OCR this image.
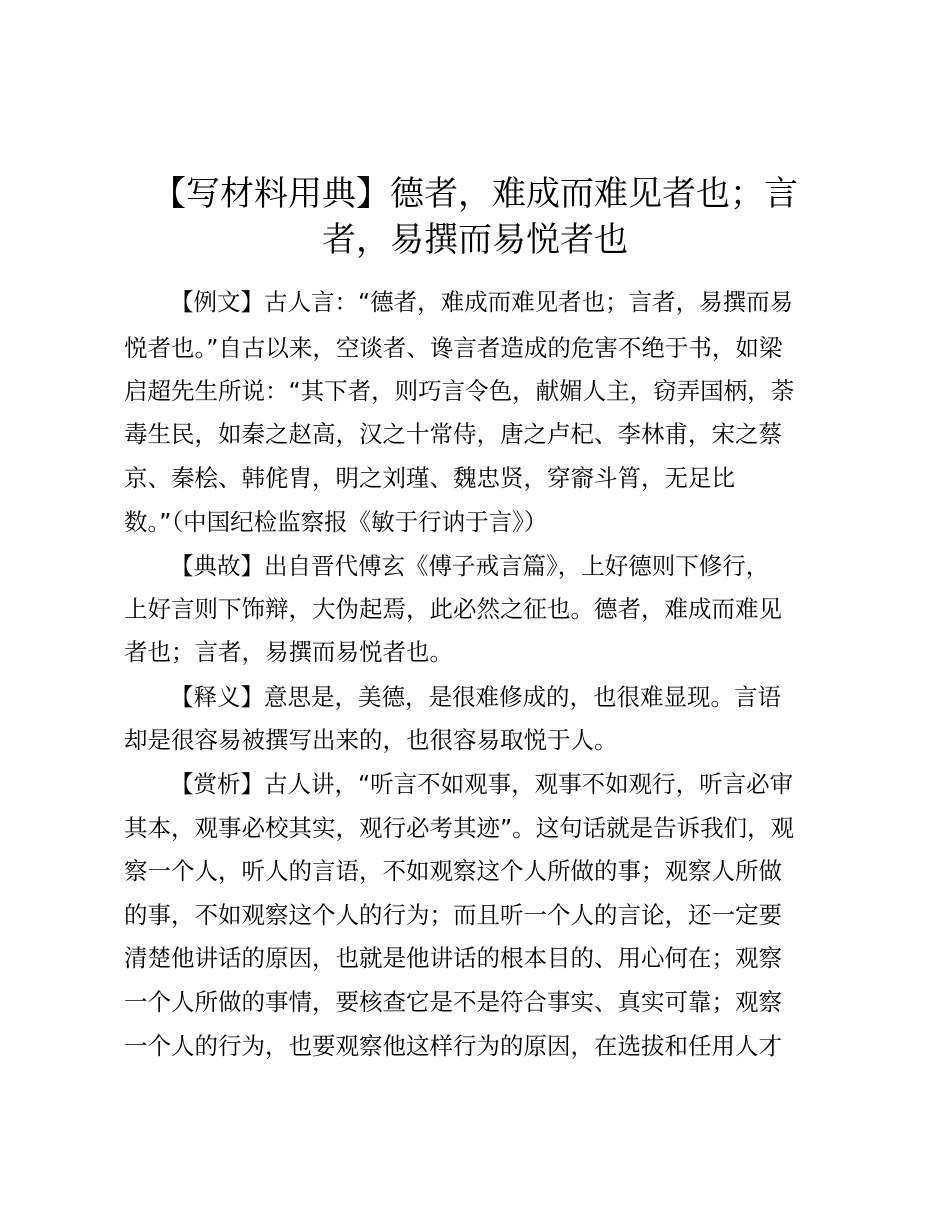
【写材料用典】德者，难成而难见者也；言
者，易撰而易悦者也
【例文】古人言：“德者，难成而难见者也；言者，易撰而易
悦者也。”自古以来，空谈者、谗言者造成的危害不绝于书，如梁
启超先生所说：“其下者，则巧言令色，献媚人主，窃弄国柄，荼
毒生民，如秦之赵高，汉之十常侍，唐之卢杞、李林甫，宋之蔡
京、秦桧、韩侂胄，明之刘瑾、魏忠贤，穿窬斗筲，无足比
数。”（中国纪检监察报《敏于行讷于言》）
【典故】出自晋代傅玄《傅子戒言篇》，上好德则下修行，
上好言则下饰辩，大伪起焉，此必然之征也。德者，难成而难见
者也；言者，易撰而易悦者也。
【释义】意思是，美德，是很难修成的，也很难显现。言语
却是很容易被撰写出来的，也很容易取悦于人。
【赏析】古人讲，“听言不如观事，观事不如观行，听言必审
其本，观事必校其实，观行必考其迹”。这句话就是告诉我们，观
察一个人，听人的言语，不如观察这个人所做的事；观察人所做
的事，不如观察这个人的行为；而且听一个人的言论，还一定要
清楚他讲话的原因，也就是他讲话的根本目的、用心何在；观察
一个人所做的事情，要核查它是不是符合事实、真实可靠；观察
一个人的行为，也要观察他这样行为的原因，在选拔和任用人才
